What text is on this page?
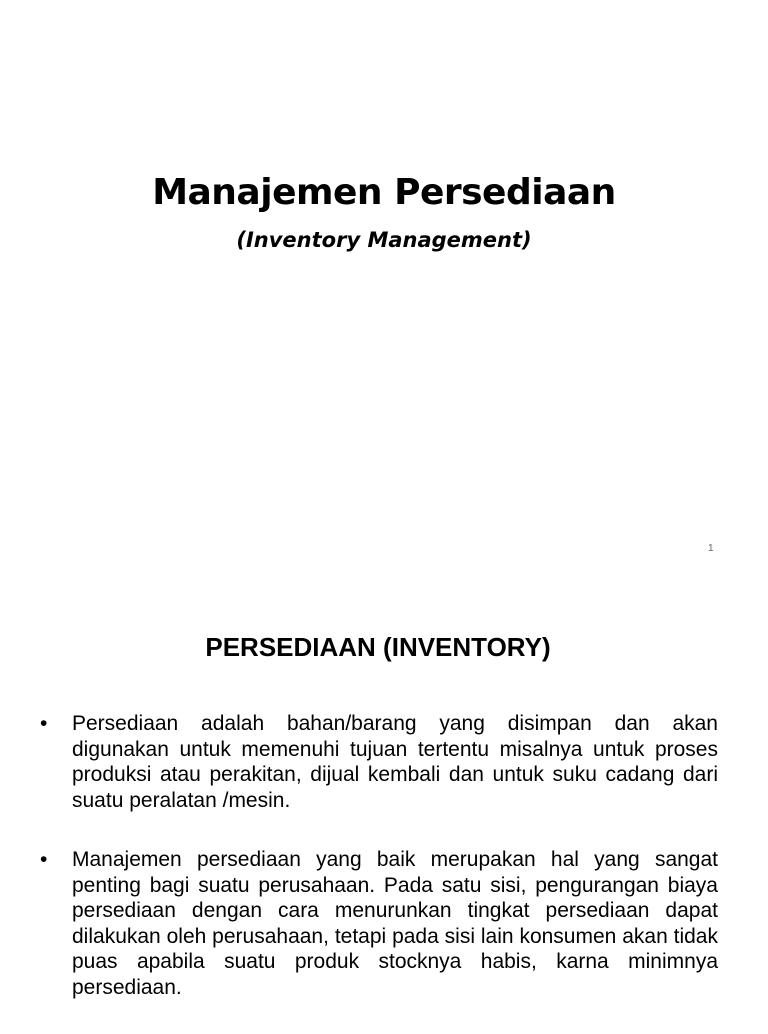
Manajemen Persediaan
(Inventory Management)
1
PERSEDIAAN (INVENTORY)
• Persediaan adalah bahan/barang yang disimpan dan akan digunakan untuk memenuhi tujuan tertentu misalnya untuk proses produksi atau perakitan, dijual kembali dan untuk suku cadang dari suatu peralatan /mesin.
• Manajemen persediaan yang baik merupakan hal yang sangat penting bagi suatu perusahaan. Pada satu sisi, pengurangan biaya persediaan dengan cara menurunkan tingkat persediaan dapat dilakukan oleh perusahaan, tetapi pada sisi lain konsumen akan tidak puas apabila suatu produk stocknya habis, karna minimnya persediaan.
